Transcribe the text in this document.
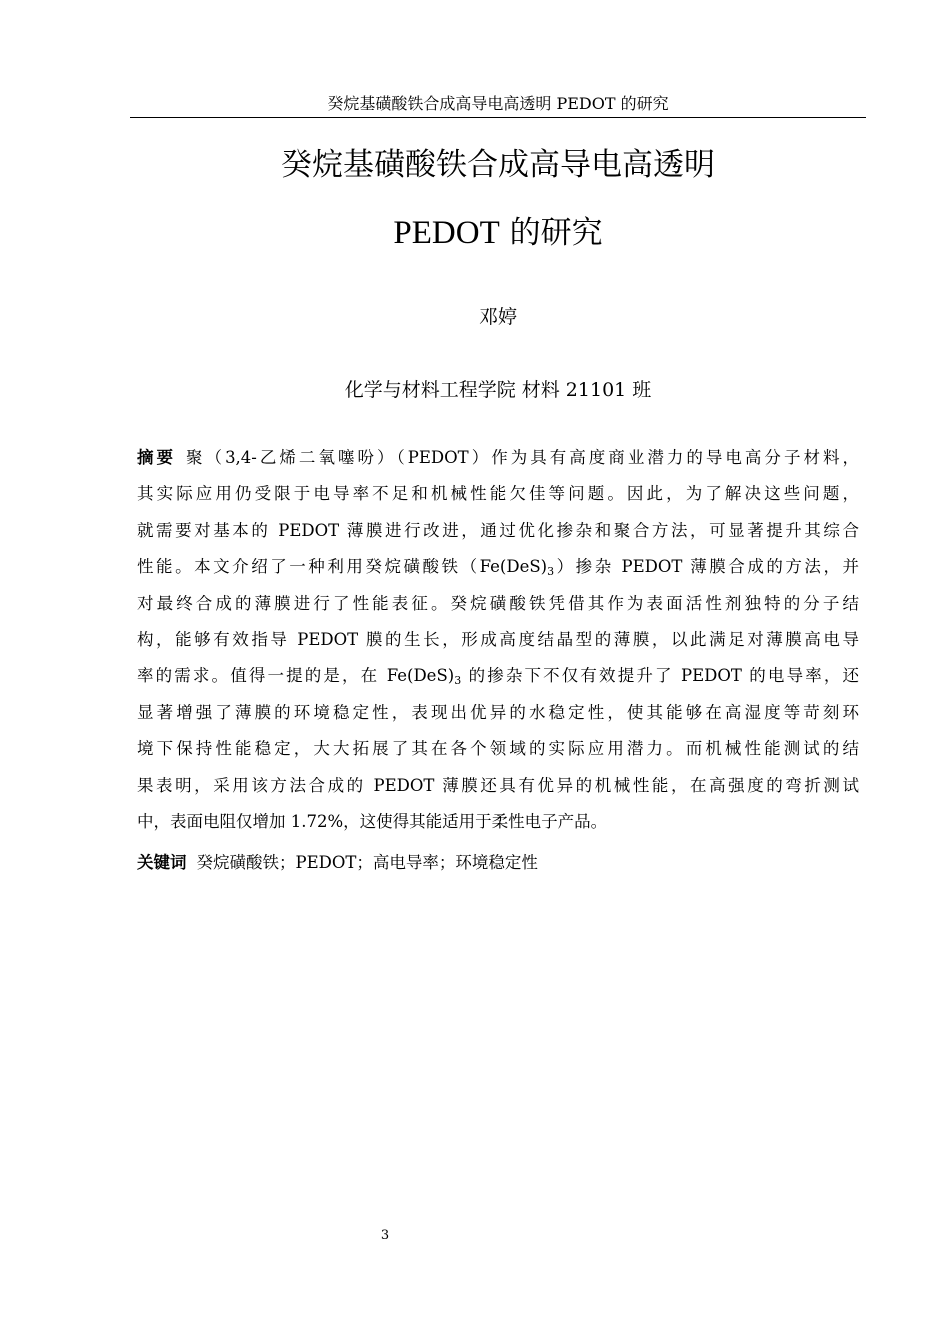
癸烷基磺酸铁合成高导电高透明 PEDOT 的研究
癸烷基磺酸铁合成高导电高透明
PEDOT 的研究
邓婷
化学与材料工程学院 材料 21101 班
摘要 聚（3,4-乙烯二氧噻吩）（PEDOT）作为具有高度商业潜力的导电高分子材料，
其实际应用仍受限于电导率不足和机械性能欠佳等问题。因此，为了解决这些问题，
就需要对基本的 PEDOT 薄膜进行改进，通过优化掺杂和聚合方法，可显著提升其综合
性能。本文介绍了一种利用癸烷磺酸铁$(Fe(DeS)_3)$掺杂 PEDOT 薄膜合成的方法，并
对最终合成的薄膜进行了性能表征。癸烷磺酸铁凭借其作为表面活性剂独特的分子结
构，能够有效指导 PEDOT 膜的生长，形成高度结晶型的薄膜，以此满足对薄膜高电导
率的需求。值得一提的是，在 $Fe(DeS)_3$ 的掺杂下不仅有效提升了 PEDOT 的电导率，还
显著增强了薄膜的环境稳定性，表现出优异的水稳定性，使其能够在高湿度等苛刻环
境下保持性能稳定，大大拓展了其在各个领域的实际应用潜力。而机械性能测试的结
果表明，采用该方法合成的 PEDOT 薄膜还具有优异的机械性能，在高强度的弯折测试
中，表面电阻仅增加 1.72%，这使得其能适用于柔性电子产品。
关键词 癸烷磺酸铁；PEDOT；高电导率；环境稳定性
3
